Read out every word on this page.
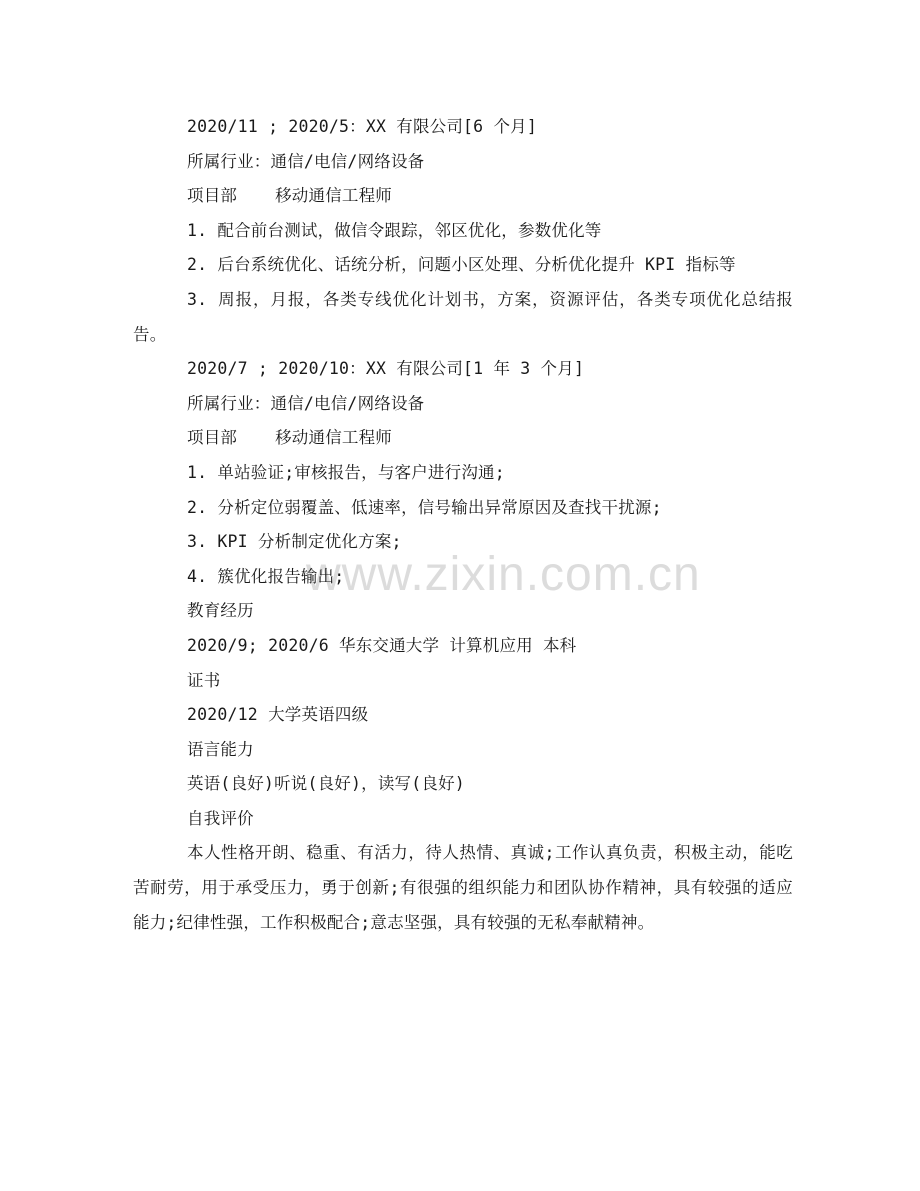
www.zixin.com.cn
2020/11 ; 2020/5：XX 有限公司[6 个月]
所属行业：通信/电信/网络设备
项目部 移动通信工程师
1. 配合前台测试，做信令跟踪，邻区优化，参数优化等
2. 后台系统优化、话统分析，问题小区处理、分析优化提升 KPI 指标等
3. 周报，月报，各类专线优化计划书，方案，资源评估，各类专项优化总结报告。
2020/7 ; 2020/10：XX 有限公司[1 年 3 个月]
所属行业：通信/电信/网络设备
项目部 移动通信工程师
1. 单站验证;审核报告，与客户进行沟通;
2. 分析定位弱覆盖、低速率，信号输出异常原因及查找干扰源;
3. KPI 分析制定优化方案;
4. 簇优化报告输出;
教育经历
2020/9; 2020/6 华东交通大学 计算机应用 本科
证书
2020/12 大学英语四级
语言能力
英语(良好)听说(良好)，读写(良好)
自我评价
本人性格开朗、稳重、有活力，待人热情、真诚;工作认真负责，积极主动，能吃苦耐劳，用于承受压力，勇于创新;有很强的组织能力和团队协作精神，具有较强的适应能力;纪律性强，工作积极配合;意志坚强，具有较强的无私奉献精神。
